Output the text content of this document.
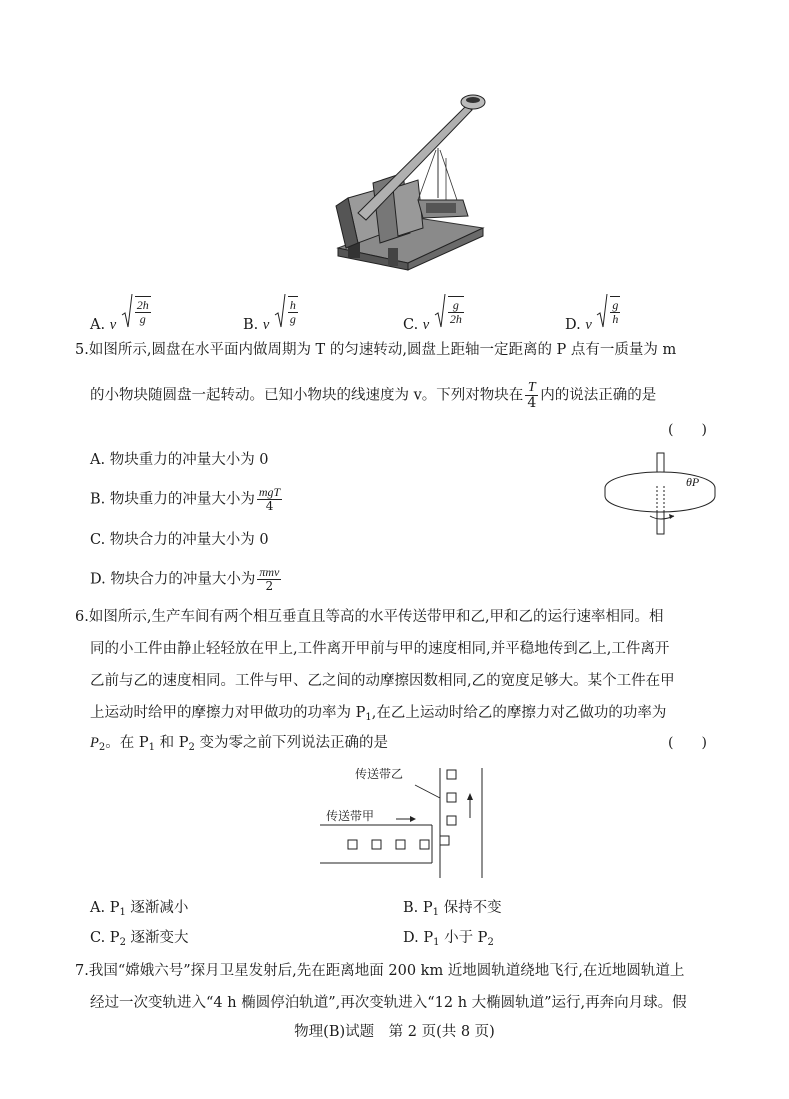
A. v $\frac{2h}{g}$	B. v $\frac{h}{g}$	C. v $\frac{g}{2h}$	D. v $\frac{g}{h}$
5.如图所示,圆盘在水平面内做周期为 T 的匀速转动,圆盘上距轴一定距离的 P 点有一质量为 m
的小物块随圆盘一起转动。已知小物块的线速度为 v。下列对物块在 $\frac{T}{4}$ 内的说法正确的是
(　　)
A. 物块重力的冲量大小为 0
B. 物块重力的冲量大小为 $\frac{\text{mgT}}{4}$
C. 物块合力的冲量大小为 0
D. 物块合力的冲量大小为 $\frac{\text{πmv}}{2}$
θP
6.如图所示,生产车间有两个相互垂直且等高的水平传送带甲和乙,甲和乙的运行速率相同。相
同的小工件由静止轻轻放在甲上,工件离开甲前与甲的速度相同,并平稳地传到乙上,工件离开
乙前与乙的速度相同。工件与甲、乙之间的动摩擦因数相同,乙的宽度足够大。某个工件在甲
上运动时给甲的摩擦力对甲做功的功率为 $P_1$,在乙上运动时给乙的摩擦力对乙做功的功率为
$P_2$。在 $P_1$ 和 $P_2$ 变为零之前下列说法正确的是	(　　)
传送带乙
传送带甲
A. $P_1$ 逐渐减小	B. $P_1$ 保持不变
C. $P_2$ 逐渐变大	D. $P_1$ 小于 $P_2$
7.我国“嫦娥六号”探月卫星发射后,先在距离地面 200 km 近地圆轨道绕地飞行,在近地圆轨道上
经过一次变轨进入“4 h 椭圆停泊轨道”,再次变轨进入“12 h 大椭圆轨道”运行,再奔向月球。假
物理(B)试题　第 2 页(共 8 页)
